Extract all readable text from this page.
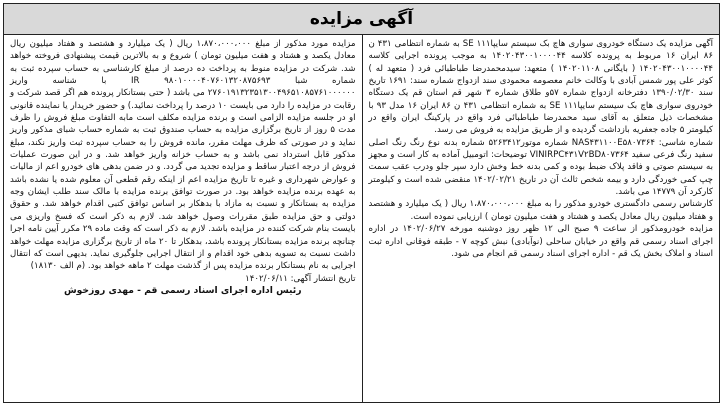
آگهی مزایده

آگهی مزایده یک دستگاه خودروی سواری هاچ بک سیستم سایپاSE ۱۱۱ به شماره انتظامی ۴۳۱ ن ۸۶ ایران ۱۶ مربوط به پرونده کلاسه ۱۴۰۲۰۴۳۰۰۱۰۰۰۰۴۴ به موجب پرونده اجرایی کلاسه ۱۴۰۲۰۴۳۰۰۱۰۰۰۰۴۴ ( بایگانی ۱۴۰۲۰۱۱۰۸ ) متعهد: سیدمحمدرضا طباطبائی فرد ( متعهد له ) کوثر علی پور شمس آبادی با وکالت خانم معصومه محمودی سند ازدواج شماره سند: ۱۶۹۱ تاریخ سند ۱۳۹۰/۰۲/۳۰ دفترخانه ازدواج شماره ۵۷و طلاق شماره ۳ شهر قم استان قم یک دستگاه خودروی سواری هاچ بک سیستم سایپاSE ۱۱۱ به شماره انتظامی ۴۳۱ ن ۸۶ ایران ۱۶ مدل ۹۳ با مشخصات ذیل متعلق به آقای سید محمدرضا طباطبائی فرد واقع در پارکینگ ایران واقع در کیلومتر ۵ جاده جعفریه بازداشت گردیده و از طریق مزایده به فروش می رسد.

شماره شاسی: NAS۴۳۱۱۰۰E۵۸۰۷۳۶۴ شماره موتور۵۲۶۳۴۱۲ شماره بدنه نوع رنگ رنگ اصلی سفید رنگ فرعی سفید VINIRPC۴۳۱V۲BD۸۰۷۳۶۴ توضیحات: اتومبیل آماده به کار است و مجهز به سیستم صوتی و فاقد پلاک ضبط بوده و کمی بدنه خط وخش دارد سپر جلو ودرب عقب سمت چپ کمی خوردگی دارد و بیمه شخص ثالث آن در تاریخ ۱۴۰۲/۰۲/۲۱ منقضی شده است و کیلومتر کارکرد آن ۱۴۷۷۹ می باشد.

کارشناس رسمی دادگستری خودرو مذکور را به مبلغ ۱،۸۷۰،۰۰۰،۰۰۰ ریال ( یک میلیارد و هشتصد و هفتاد میلیون ریال معادل یکصد و هشتاد و هفت میلیون تومان ) ارزیابی نموده است.

مزایده خودرومذکور از ساعت ۹ صبح الی ۱۲ ظهر روز دوشنبه مورخه ۱۴۰۲/۰۶/۲۷ در اداره اجرای اسناد رسمی قم واقع در خیابان ساحلی (نوآبادی) نبش کوچه ۷ - طبقه فوقانی اداره ثبت اسناد و املاک بخش یک قم - اداره اجرای اسناد رسمی قم انجام می شود.

مزایده مورد مذکور از مبلغ ۱،۸۷۰،۰۰۰،۰۰۰ ریال ( یک میلیارد و هشتصد و هفتاد میلیون ریال معادل یکصد و هشتاد و هفت میلیون تومان ) شروع و به بالاترین قیمت پیشنهادی فروخته خواهد شد. شرکت در مزایده منوط به پرداخت ده درصد از مبلغ کارشناسی به حساب سپرده ثبت به شماره شبا IR ۹۸۰۱۰۰۰۰۴۰۷۶۰۱۳۲۰۸۷۵۶۹۳ با شناسه واریز ۲۷۶۰۱۹۱۳۲۳۵۱۳۰۰۴۹۶۵۱۰۸۵۷۶۱۰۰۰۰۰۰ می باشد ( حتی بستانکار پرونده هم اگر قصد شرکت و رقابت در مزایده را دارد می بایست ۱۰ درصد را پرداخت نمائید.) و حضور خریدار یا نماینده قانونی او در جلسه مزایده الزامی است و برنده مزایده مکلف است مابه التفاوت مبلغ فروش را ظرف مدت ۵ روز از تاریخ برگزاری مزایده به حساب صندوق ثبت به شماره حساب شبای مذکور واریز نماید و در صورتی که ظرف مهلت مقرر، مانده فروش را به حساب سپرده ثبت واریز نکند، مبلغ مذکور قابل استرداد نمی باشد و به حساب خزانه واریز خواهد شد. و در این صورت عملیات فروش از درجه اعتبار ساقط و مزایده تجدید می گردد. و در ضمن بدهی های خودرو اعم از مالیات و عوارض شهرداری و غیره تا تاریخ مزایده اعم از اینکه رقم قطعی آن معلوم شده یا نشده باشد به عهده برنده مزایده خواهد بود. در صورت توافق برنده مزایده با مالک سند طلب ایشان وجه مزایده به بستانکار و نسبت به مازاد با بدهکار بر اساس توافق کتبی اقدام خواهد شد. و حقوق دولتی و حق مزایده طبق مقررات وصول خواهد شد. لازم به ذکر است که فسخ واریزی می بایست بنام شرکت کننده در مزایده باشد. لازم به ذکر است که وقت ماده ۲۹ مکرر آیین نامه اجرا چنانچه برنده مزایده بستانکار پرونده باشد، بدهکار تا ۲۰ ماه از تاریخ برگزاری مزایده مهلت خواهد داشت نسبت به تسویه بدهی خود اقدام و از انتقال اجرایی جلوگیری نماید. بدیهی است که انتقال اجرایی به نام بستانکار برنده مزایده پس از گذشت مهلت ۲ ماهه خواهد بود. (م الف ۱۸۱۳۰)

تاریخ انتشار آگهی: ۱۴۰۲/۰۶/۱۱

رئیس اداره اجرای اسناد رسمی قم - مهدی روزخوش
